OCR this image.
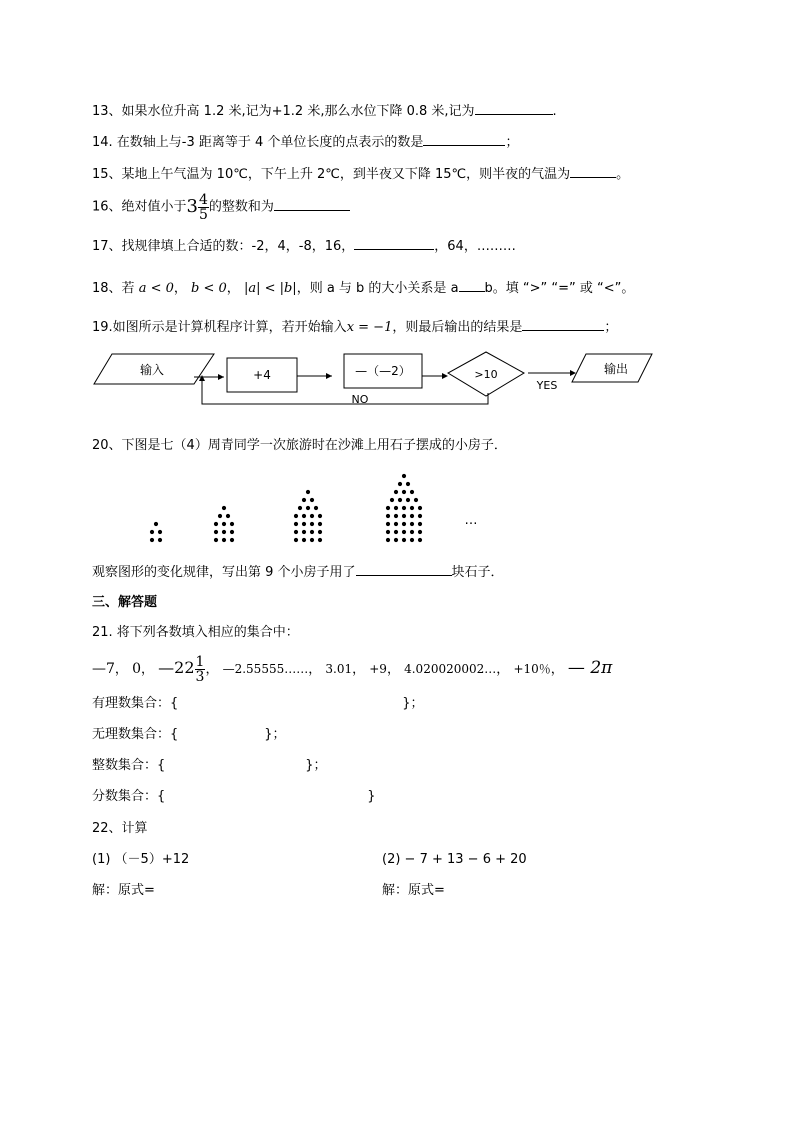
13、如果水位升高 1.2 米,记为+1.2 米,那么水位下降 0.8 米,记为	.
14. 在数轴上与-3 距离等于 4 个单位长度的点表示的数是	；
15、某地上午气温为 10℃，下午上升 2℃，到半夜又下降 15℃，则半夜的气温为	。
16、绝对值小于$3 \frac{4}{5}$ 的整数和为
17、找规律填上合适的数：-2，4，-8，16，	，64，………
18、若 a < 0， b < 0， |a| < |b|，则 a 与 b 的大小关系是 a b。填 “>” “=” 或 “<”。
19.如图所示是计算机程序计算，若开始输入x = −1，则最后输出的结果是	；
输入	+4	—（—2）	>10
YES
输出
NO
20、下图是七（4）周青同学一次旅游时在沙滩上用石子摆成的小房子．
…
观察图形的变化规律，写出第 9 个小房子用了	块石子．
三、解答题
21. 将下列各数填入相应的集合中：
—7， 0， —22 $\frac{1}{3}$ ， —2.55555……， 3.01， +9， 4.020020002…， +10％， — 2π
有理数集合：{	}；
无理数集合：{	}；
整数集合：{	}；
分数集合：{	}
22、计算
(1) （－5）+12	(2) − 7 + 13 − 6 + 20
解：原式=	解：原式=
